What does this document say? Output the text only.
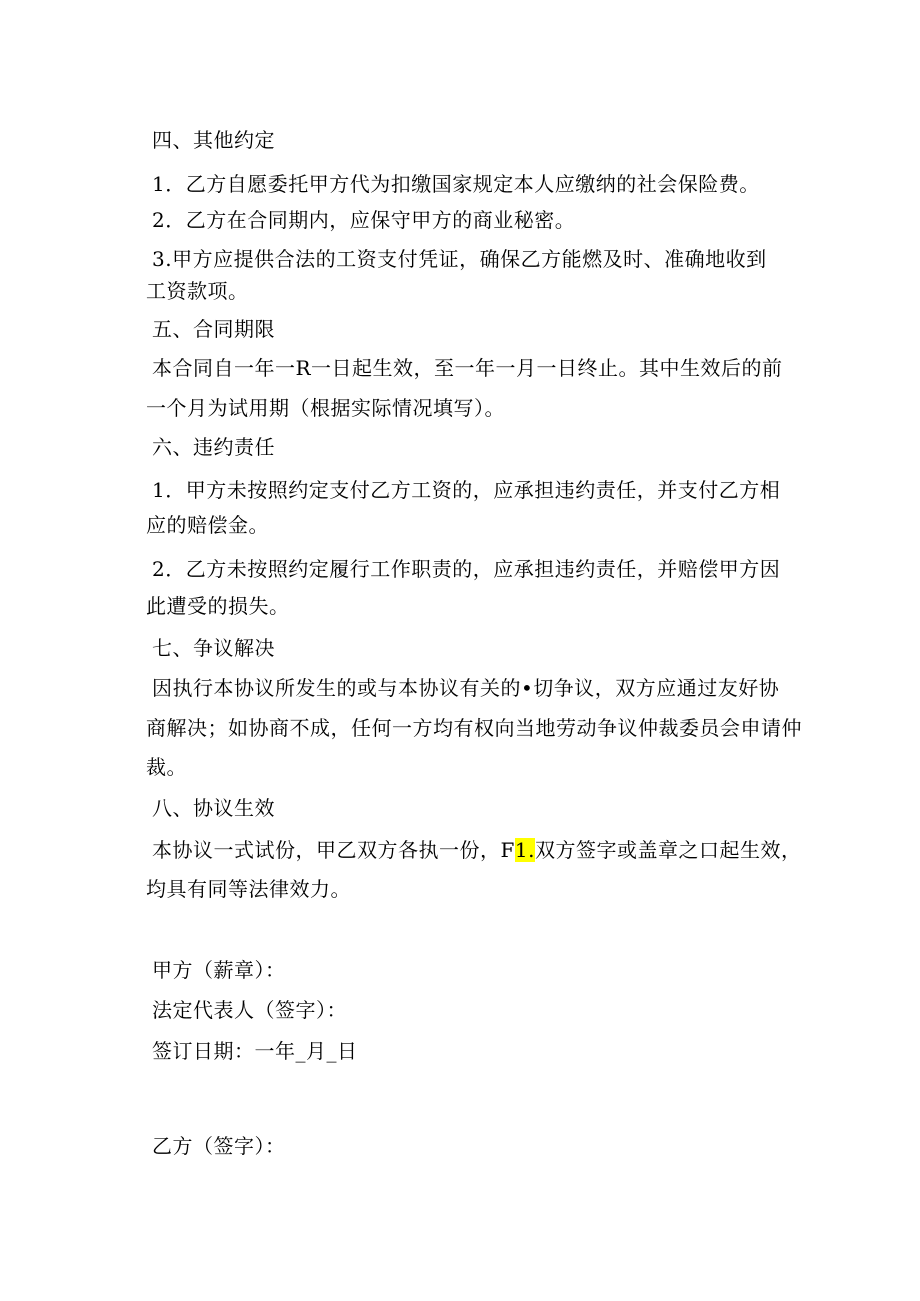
四、其他约定
1．乙方自愿委托甲方代为扣缴国家规定本人应缴纳的社会保险费。
2．乙方在合同期内，应保守甲方的商业秘密。
3.甲方应提供合法的工资支付凭证，确保乙方能燃及时、准确地收到
工资款项。
五、合同期限
本合同自一年一R一日起生效，至一年一月一日终止。其中生效后的前
一个月为试用期（根据实际情况填写）。
六、违约责任
1．甲方未按照约定支付乙方工资的，应承担违约责任，并支付乙方相
应的赔偿金。
2．乙方未按照约定履行工作职责的，应承担违约责任，并赔偿甲方因
此遭受的损失。
七、争议解决
因执行本协议所发生的或与本协议有关的•切争议，双方应通过友好协
商解决；如协商不成，任何一方均有权向当地劳动争议仲裁委员会申请仲
裁。
八、协议生效
本协议一式试份，甲乙双方各执一份，F1.双方签字或盖章之口起生效，
均具有同等法律效力。
甲方（薪章）：
法定代表人（签字）：
签订日期：一年_月_日
乙方（签字）：
